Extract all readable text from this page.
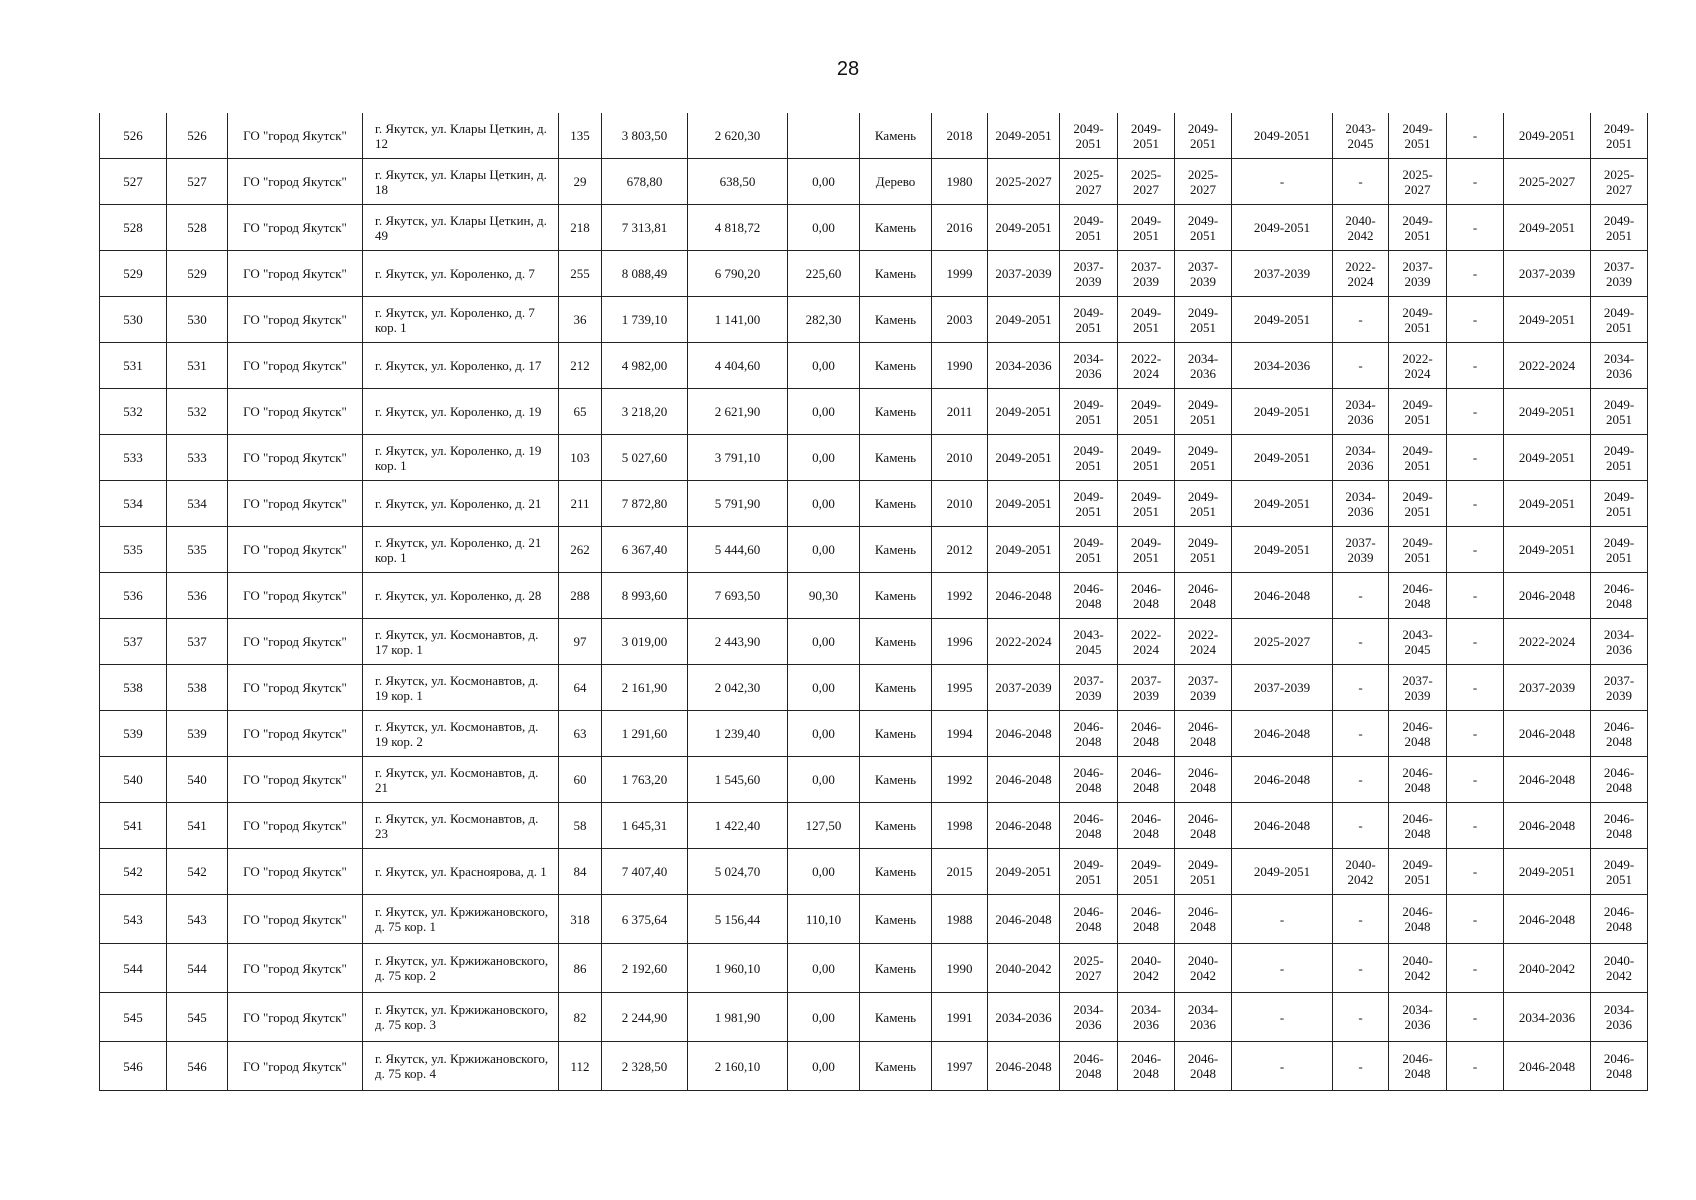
28
526	526	ГО "город Якутск"	г. Якутск, ул. Клары Цеткин, д. 12	135	3 803,50	2 620,30		Камень	2018	2049-2051	2049-2051	2049-2051	2049-2051	2049-2051	2043-2045	2049-2051	-	2049-2051	2049-2051
527	527	ГО "город Якутск"	г. Якутск, ул. Клары Цеткин, д. 18	29	678,80	638,50	0,00	Дерево	1980	2025-2027	2025-2027	2025-2027	2025-2027	-	-	2025-2027	-	2025-2027	2025-2027
528	528	ГО "город Якутск"	г. Якутск, ул. Клары Цеткин, д. 49	218	7 313,81	4 818,72	0,00	Камень	2016	2049-2051	2049-2051	2049-2051	2049-2051	2049-2051	2040-2042	2049-2051	-	2049-2051	2049-2051
529	529	ГО "город Якутск"	г. Якутск, ул. Короленко, д. 7	255	8 088,49	6 790,20	225,60	Камень	1999	2037-2039	2037-2039	2037-2039	2037-2039	2037-2039	2022-2024	2037-2039	-	2037-2039	2037-2039
530	530	ГО "город Якутск"	г. Якутск, ул. Короленко, д. 7 кор. 1	36	1 739,10	1 141,00	282,30	Камень	2003	2049-2051	2049-2051	2049-2051	2049-2051	2049-2051	-	2049-2051	-	2049-2051	2049-2051
531	531	ГО "город Якутск"	г. Якутск, ул. Короленко, д. 17	212	4 982,00	4 404,60	0,00	Камень	1990	2034-2036	2034-2036	2022-2024	2034-2036	2034-2036	-	2022-2024	-	2022-2024	2034-2036
532	532	ГО "город Якутск"	г. Якутск, ул. Короленко, д. 19	65	3 218,20	2 621,90	0,00	Камень	2011	2049-2051	2049-2051	2049-2051	2049-2051	2049-2051	2034-2036	2049-2051	-	2049-2051	2049-2051
533	533	ГО "город Якутск"	г. Якутск, ул. Короленко, д. 19 кор. 1	103	5 027,60	3 791,10	0,00	Камень	2010	2049-2051	2049-2051	2049-2051	2049-2051	2049-2051	2034-2036	2049-2051	-	2049-2051	2049-2051
534	534	ГО "город Якутск"	г. Якутск, ул. Короленко, д. 21	211	7 872,80	5 791,90	0,00	Камень	2010	2049-2051	2049-2051	2049-2051	2049-2051	2049-2051	2034-2036	2049-2051	-	2049-2051	2049-2051
535	535	ГО "город Якутск"	г. Якутск, ул. Короленко, д. 21 кор. 1	262	6 367,40	5 444,60	0,00	Камень	2012	2049-2051	2049-2051	2049-2051	2049-2051	2049-2051	2037-2039	2049-2051	-	2049-2051	2049-2051
536	536	ГО "город Якутск"	г. Якутск, ул. Короленко, д. 28	288	8 993,60	7 693,50	90,30	Камень	1992	2046-2048	2046-2048	2046-2048	2046-2048	2046-2048	-	2046-2048	-	2046-2048	2046-2048
537	537	ГО "город Якутск"	г. Якутск, ул. Космонавтов, д. 17 кор. 1	97	3 019,00	2 443,90	0,00	Камень	1996	2022-2024	2043-2045	2022-2024	2022-2024	2025-2027	-	2043-2045	-	2022-2024	2034-2036
538	538	ГО "город Якутск"	г. Якутск, ул. Космонавтов, д. 19 кор. 1	64	2 161,90	2 042,30	0,00	Камень	1995	2037-2039	2037-2039	2037-2039	2037-2039	2037-2039	-	2037-2039	-	2037-2039	2037-2039
539	539	ГО "город Якутск"	г. Якутск, ул. Космонавтов, д. 19 кор. 2	63	1 291,60	1 239,40	0,00	Камень	1994	2046-2048	2046-2048	2046-2048	2046-2048	2046-2048	-	2046-2048	-	2046-2048	2046-2048
540	540	ГО "город Якутск"	г. Якутск, ул. Космонавтов, д. 21	60	1 763,20	1 545,60	0,00	Камень	1992	2046-2048	2046-2048	2046-2048	2046-2048	2046-2048	-	2046-2048	-	2046-2048	2046-2048
541	541	ГО "город Якутск"	г. Якутск, ул. Космонавтов, д. 23	58	1 645,31	1 422,40	127,50	Камень	1998	2046-2048	2046-2048	2046-2048	2046-2048	2046-2048	-	2046-2048	-	2046-2048	2046-2048
542	542	ГО "город Якутск"	г. Якутск, ул. Красноярова, д. 1	84	7 407,40	5 024,70	0,00	Камень	2015	2049-2051	2049-2051	2049-2051	2049-2051	2049-2051	2040-2042	2049-2051	-	2049-2051	2049-2051
543	543	ГО "город Якутск"	г. Якутск, ул. Кржижановского, д. 75 кор. 1	318	6 375,64	5 156,44	110,10	Камень	1988	2046-2048	2046-2048	2046-2048	2046-2048	-	-	2046-2048	-	2046-2048	2046-2048
544	544	ГО "город Якутск"	г. Якутск, ул. Кржижановского, д. 75 кор. 2	86	2 192,60	1 960,10	0,00	Камень	1990	2040-2042	2025-2027	2040-2042	2040-2042	-	-	2040-2042	-	2040-2042	2040-2042
545	545	ГО "город Якутск"	г. Якутск, ул. Кржижановского, д. 75 кор. 3	82	2 244,90	1 981,90	0,00	Камень	1991	2034-2036	2034-2036	2034-2036	2034-2036	-	-	2034-2036	-	2034-2036	2034-2036
546	546	ГО "город Якутск"	г. Якутск, ул. Кржижановского, д. 75 кор. 4	112	2 328,50	2 160,10	0,00	Камень	1997	2046-2048	2046-2048	2046-2048	2046-2048	-	-	2046-2048	-	2046-2048	2046-2048
